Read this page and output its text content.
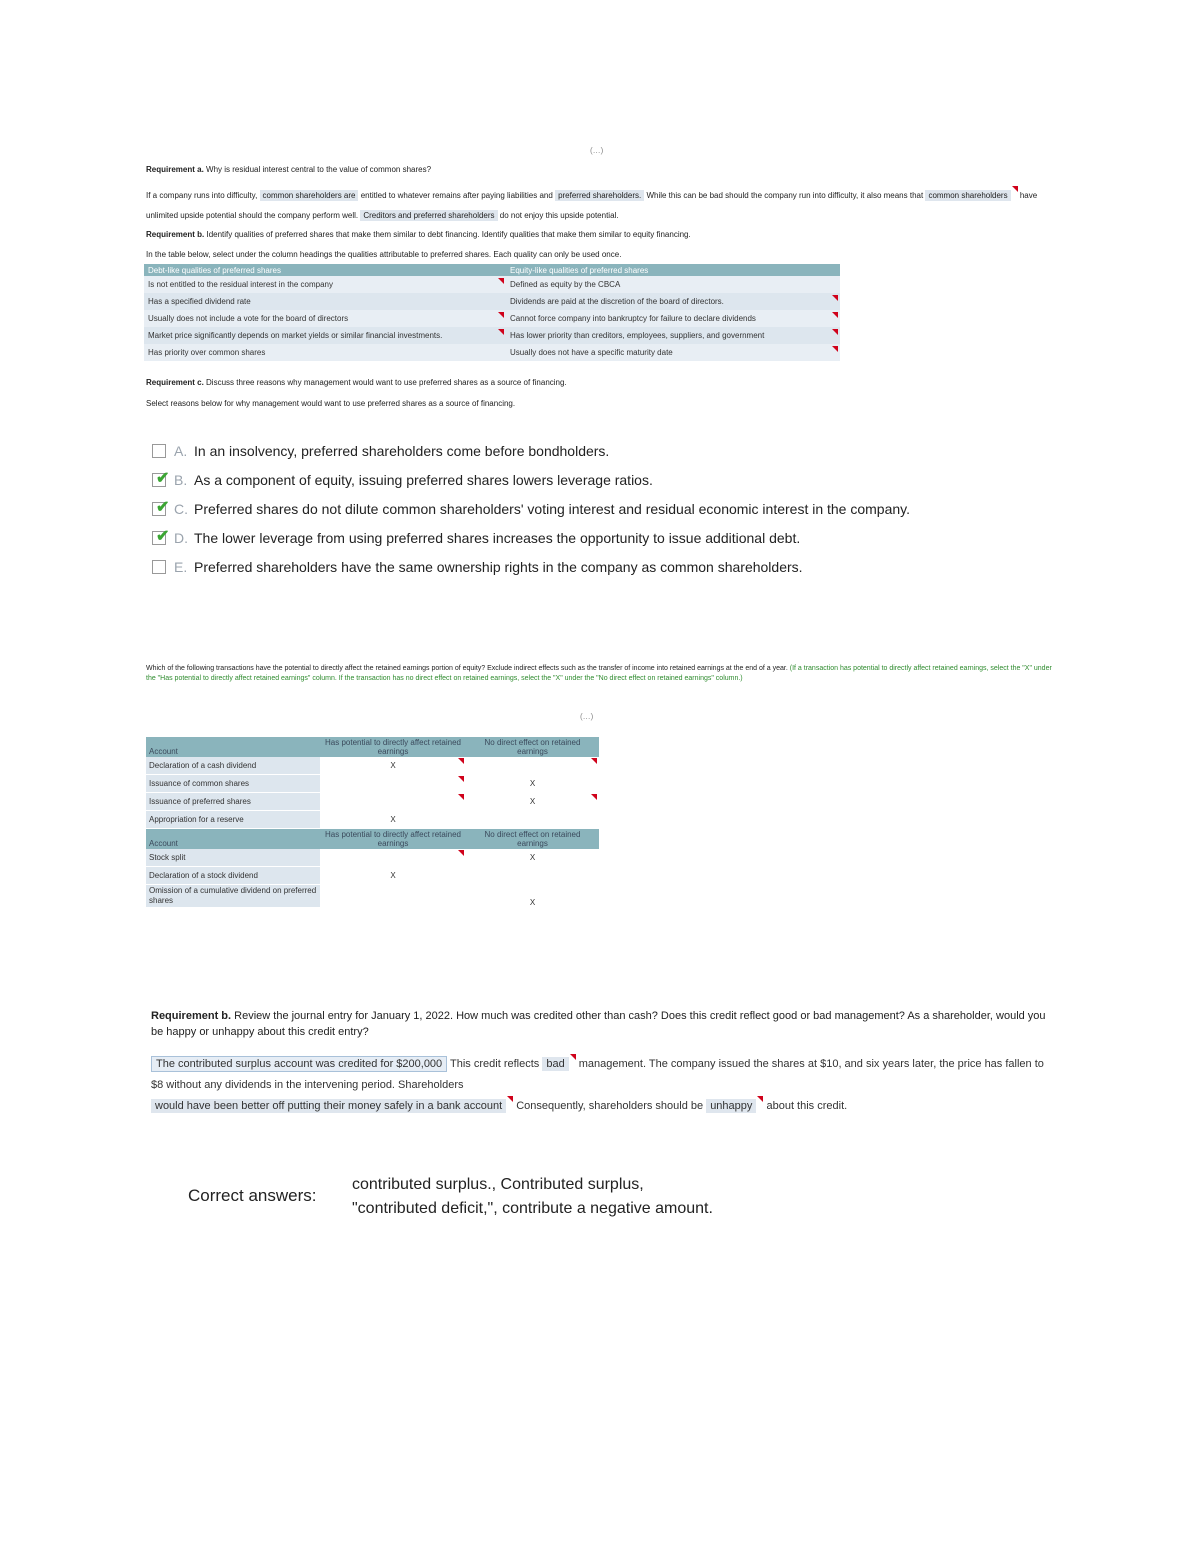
(…)
Requirement a. Why is residual interest central to the value of common shares?
If a company runs into difficulty, common shareholders are entitled to whatever remains after paying liabilities and preferred shareholders. While this can be bad should the company run into difficulty, it also means that common shareholders have unlimited upside potential should the company perform well. Creditors and preferred shareholders do not enjoy this upside potential.
Requirement b. Identify qualities of preferred shares that make them similar to debt financing. Identify qualities that make them similar to equity financing.
In the table below, select under the column headings the qualities attributable to preferred shares. Each quality can only be used once.
Debt-like qualities of preferred shares	Equity-like qualities of preferred shares
Is not entitled to the residual interest in the company	Defined as equity by the CBCA
Has a specified dividend rate	Dividends are paid at the discretion of the board of directors.

Usually does not include a vote for the board of directors	Cannot force company into bankruptcy for failure to declare dividends

Market price significantly depends on market yields or similar financial investments.	Has lower priority than creditors, employees, suppliers, and government

Has priority over common shares	Usually does not have a specific maturity date
Requirement c. Discuss three reasons why management would want to use preferred shares as a source of financing.
Select reasons below for why management would want to use preferred shares as a source of financing.
A. In an insolvency, preferred shareholders come before bondholders.
✔ B. As a component of equity, issuing preferred shares lowers leverage ratios.
✔ C. Preferred shares do not dilute common shareholders' voting interest and residual economic interest in the company.
✔ D. The lower leverage from using preferred shares increases the opportunity to issue additional debt.
E. Preferred shareholders have the same ownership rights in the company as common shareholders.
Which of the following transactions have the potential to directly affect the retained earnings portion of equity? Exclude indirect effects such as the transfer of income into retained earnings at the end of a year. (If a transaction has potential to directly affect retained earnings, select the "X" under the "Has potential to directly affect retained earnings" column. If the transaction has no direct effect on retained earnings, select the "X" under the "No direct effect on retained earnings" column.)
(…)
Account	Has potential to directly affect retained earnings	No direct effect on retained earnings
Declaration of a cash dividend	X

Issuance of common shares		X
Issuance of preferred shares		X

Appropriation for a reserve	X	
Account	Has potential to directly affect retained earnings	No direct effect on retained earnings
Stock split		X
Declaration of a stock dividend	X	
Omission of a cumulative dividend on preferred shares		X
Requirement b. Review the journal entry for January 1, 2022. How much was credited other than cash? Does this credit reflect good or bad management? As a shareholder, would you be happy or unhappy about this credit entry?
The contributed surplus account was credited for $200,000 This credit reflects bad management. The company issued the shares at $10, and six years later, the price has fallen to $8 without any dividends in the intervening period. Shareholders
would have been better off putting their money safely in a bank account Consequently, shareholders should be unhappy about this credit.
Correct answers:
contributed surplus., Contributed surplus,
"contributed deficit,", contribute a negative amount.
